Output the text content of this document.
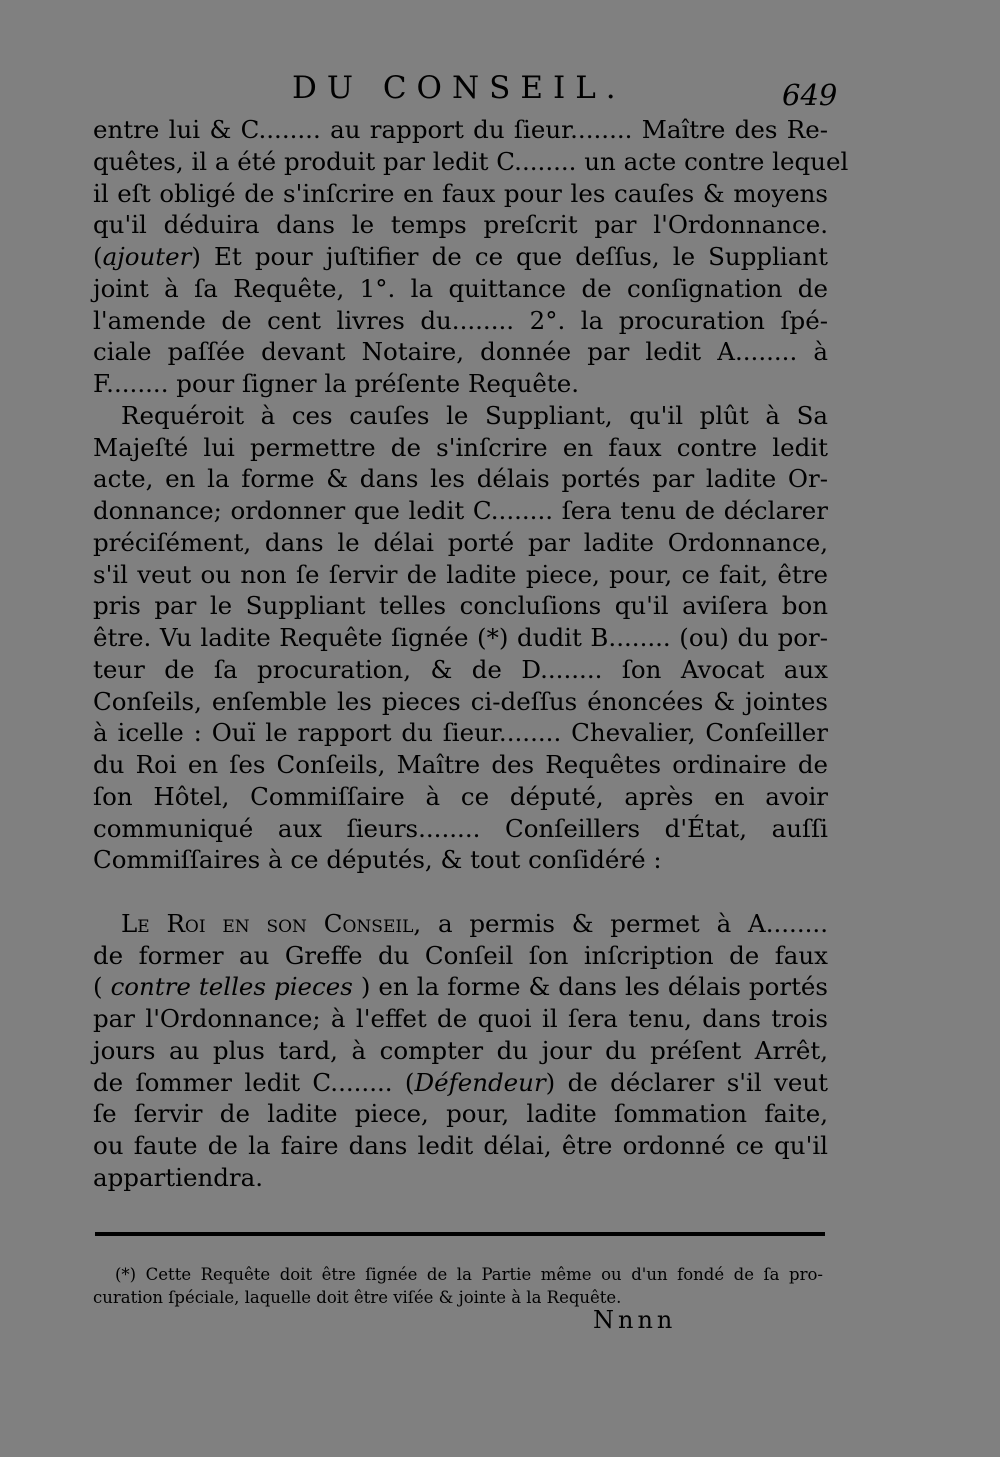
DU CONSEIL.	649
entre lui & C........ au rapport du ſieur........ Maître des Re-
quêtes, il a été produit par ledit C........ un acte contre lequel
il eſt obligé de s'inſcrire en faux pour les cauſes & moyens
qu'il déduira dans le temps preſcrit par l'Ordonnance.
(ajouter) Et pour juſtifier de ce que deſſus, le Suppliant
joint à ſa Requête, 1°. la quittance de conſignation de
l'amende de cent livres du........ 2°. la procuration ſpé-
ciale paſſée devant Notaire, donnée par ledit A........ à
F........ pour ſigner la préſente Requête.
Requéroit à ces cauſes le Suppliant, qu'il plût à Sa
Majeſté lui permettre de s'inſcrire en faux contre ledit
acte, en la forme & dans les délais portés par ladite Or-
donnance; ordonner que ledit C........ ſera tenu de déclarer
préciſément, dans le délai porté par ladite Ordonnance,
s'il veut ou non ſe ſervir de ladite piece, pour, ce fait, être
pris par le Suppliant telles concluſions qu'il aviſera bon
être. Vu ladite Requête ſignée (*) dudit B........ (ou) du por-
teur de ſa procuration, & de D........ ſon Avocat aux
Conſeils, enſemble les pieces ci-deſſus énoncées & jointes
à icelle : Ouï le rapport du ſieur........ Chevalier, Conſeiller
du Roi en ſes Conſeils, Maître des Requêtes ordinaire de
ſon Hôtel, Commiſſaire à ce député, après en avoir
communiqué aux ſieurs........ Conſeillers d'État, auſſi
Commiſſaires à ce députés, & tout conſidéré :
Le Roi en son Conseil, a permis & permet à A........
de former au Greffe du Conſeil ſon inſcription de faux
( contre telles pieces ) en la forme & dans les délais portés
par l'Ordonnance; à l'effet de quoi il ſera tenu, dans trois
jours au plus tard, à compter du jour du préſent Arrêt,
de ſommer ledit C........ (Défendeur) de déclarer s'il veut
ſe ſervir de ladite piece, pour, ladite ſommation faite,
ou faute de la faire dans ledit délai, être ordonné ce qu'il
appartiendra.
(*) Cette Requête doit être ſignée de la Partie même ou d'un fondé de ſa pro-
curation ſpéciale, laquelle doit être viſée & jointe à la Requête.
Nnnn
